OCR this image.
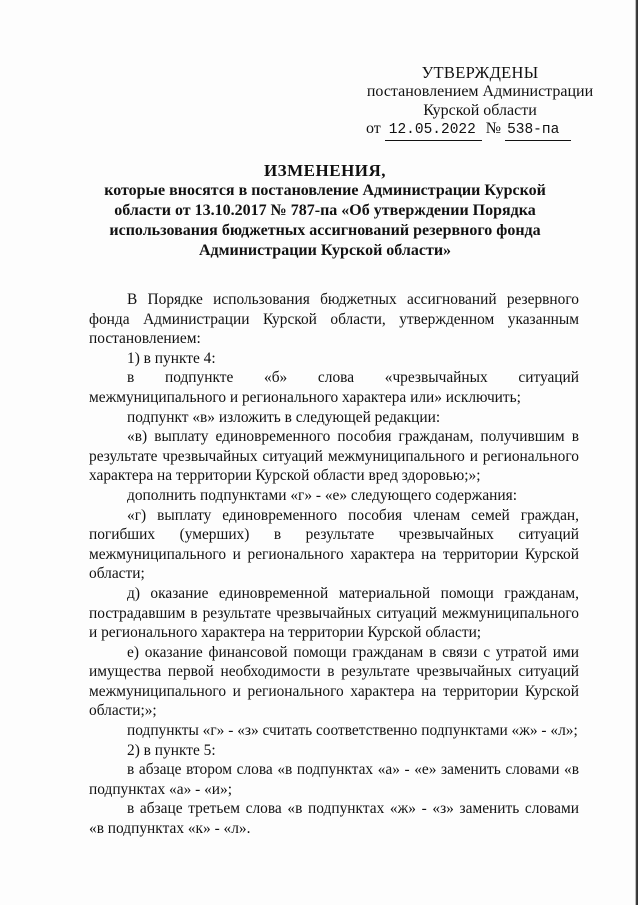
УТВЕРЖДЕНЫ
постановлением Администрации
Курской области
от 12.05.2022 № 538-па
ИЗМЕНЕНИЯ,
которые вносятся в постановление Администрации Курской
области от 13.10.2017 № 787-па «Об утверждении Порядка
использования бюджетных ассигнований резервного фонда
Администрации Курской области»

В Порядке использования бюджетных ассигнований резервного фонда Администрации Курской области, утвержденном указанным постановлением:

1) в пункте 4:

в подпункте «б» слова «чрезвычайных ситуаций межмуниципального и регионального характера или» исключить;

подпункт «в» изложить в следующей редакции:

«в) выплату единовременного пособия гражданам, получившим в результате чрезвычайных ситуаций межмуниципального и регионального характера на территории Курской области вред здоровью;»;

дополнить подпунктами «г» - «е» следующего содержания:

«г) выплату единовременного пособия членам семей граждан, погибших (умерших) в результате чрезвычайных ситуаций межмуниципального и регионального характера на территории Курской области;

д) оказание единовременной материальной помощи гражданам, пострадавшим в результате чрезвычайных ситуаций межмуниципального и регионального характера на территории Курской области;

е) оказание финансовой помощи гражданам в связи с утратой ими имущества первой необходимости в результате чрезвычайных ситуаций межмуниципального и регионального характера на территории Курской области;»;

подпункты «г» - «з» считать соответственно подпунктами «ж» - «л»;

2) в пункте 5:

в абзаце втором слова «в подпунктах «а» - «е» заменить словами «в подпунктах «а» - «и»;

в абзаце третьем слова «в подпунктах «ж» - «з» заменить словами «в подпунктах «к» - «л».
